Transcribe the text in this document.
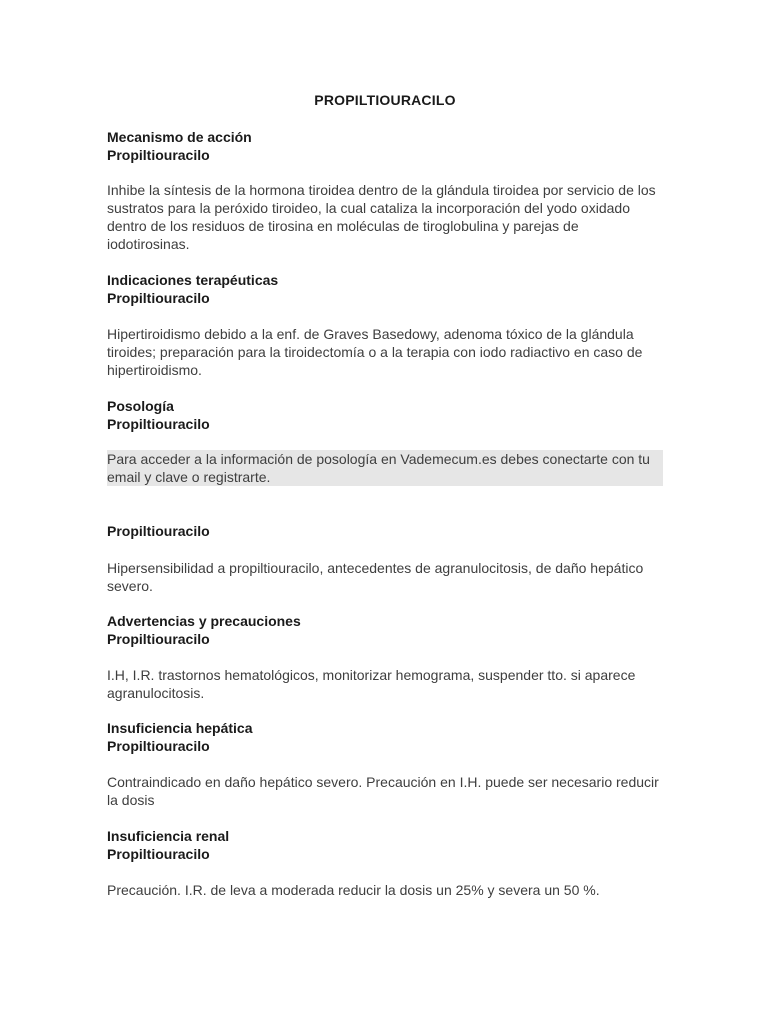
PROPILTIOURACILO

Mecanismo de acción

Propiltiouracilo

Inhibe la síntesis de la hormona tiroidea dentro de la glándula tiroidea por servicio de los sustratos para la peróxido tiroideo, la cual cataliza la incorporación del yodo oxidado dentro de los residuos de tirosina en moléculas de tiroglobulina y parejas de iodotirosinas.

Indicaciones terapéuticas

Propiltiouracilo

Hipertiroidismo debido a la enf. de Graves Basedowy, adenoma tóxico de la glándula tiroides; preparación para la tiroidectomía o a la terapia con iodo radiactivo en caso de hipertiroidismo.

Posología

Propiltiouracilo

Para acceder a la información de posología en Vademecum.es debes conectarte con tu email y clave o registrarte.

Propiltiouracilo

Hipersensibilidad a propiltiouracilo, antecedentes de agranulocitosis, de daño hepático severo.

Advertencias y precauciones

Propiltiouracilo

I.H, I.R. trastornos hematológicos, monitorizar hemograma, suspender tto. si aparece agranulocitosis.

Insuficiencia hepática

Propiltiouracilo

Contraindicado en daño hepático severo. Precaución en I.H. puede ser necesario reducir la dosis

Insuficiencia renal

Propiltiouracilo

Precaución. I.R. de leva a moderada reducir la dosis un 25% y severa un 50 %.
